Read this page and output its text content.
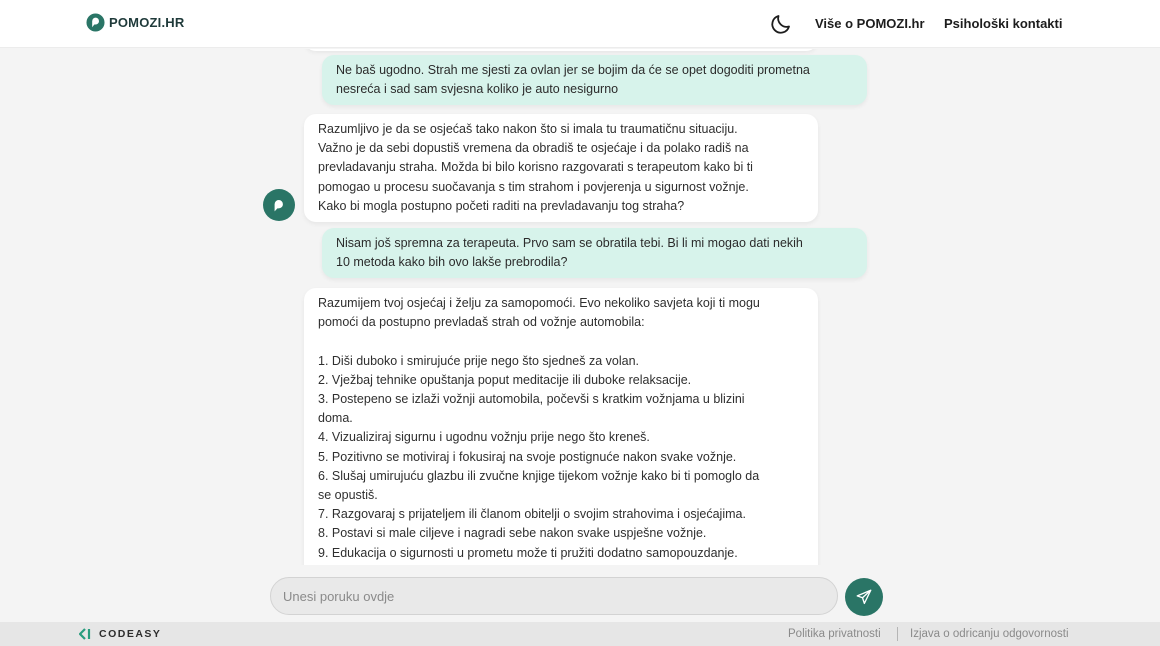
POMOZI.HR	Više o POMOZI.hr Psihološki kontakti
Ne baš ugodno. Strah me sjesti za ovlan jer se bojim da će se opet dogoditi prometna
nesreća i sad sam svjesna koliko je auto nesigurno
Razumljivo je da se osjećaš tako nakon što si imala tu traumatičnu situaciju.
Važno je da sebi dopustiš vremena da obradiš te osjećaje i da polako radiš na
prevladavanju straha. Možda bi bilo korisno razgovarati s terapeutom kako bi ti
pomogao u procesu suočavanja s tim strahom i povjerenja u sigurnost vožnje.
Kako bi mogla postupno početi raditi na prevladavanju tog straha?
Nisam još spremna za terapeuta. Prvo sam se obratila tebi. Bi li mi mogao dati nekih
10 metoda kako bih ovo lakše prebrodila?
Razumijem tvoj osjećaj i želju za samopomoći. Evo nekoliko savjeta koji ti mogu
pomoći da postupno prevladaš strah od vožnje automobila:

1. Diši duboko i smirujuće prije nego što sjedneš za volan.
2. Vježbaj tehnike opuštanja poput meditacije ili duboke relaksacije.
3. Postepeno se izlaži vožnji automobila, počevši s kratkim vožnjama u blizini
doma.
4. Vizualiziraj sigurnu i ugodnu vožnju prije nego što kreneš.
5. Pozitivno se motiviraj i fokusiraj na svoje postignuće nakon svake vožnje.
6. Slušaj umirujuću glazbu ili zvučne knjige tijekom vožnje kako bi ti pomoglo da
se opustiš.
7. Razgovaraj s prijateljem ili članom obitelji o svojim strahovima i osjećajima.
8. Postavi si male ciljeve i nagradi sebe nakon svake uspješne vožnje.
9. Edukacija o sigurnosti u prometu može ti pružiti dodatno samopouzdanje.
Unesi poruku ovdje
CODEASY	Politika privatnosti	Izjava o odricanju odgovornosti
